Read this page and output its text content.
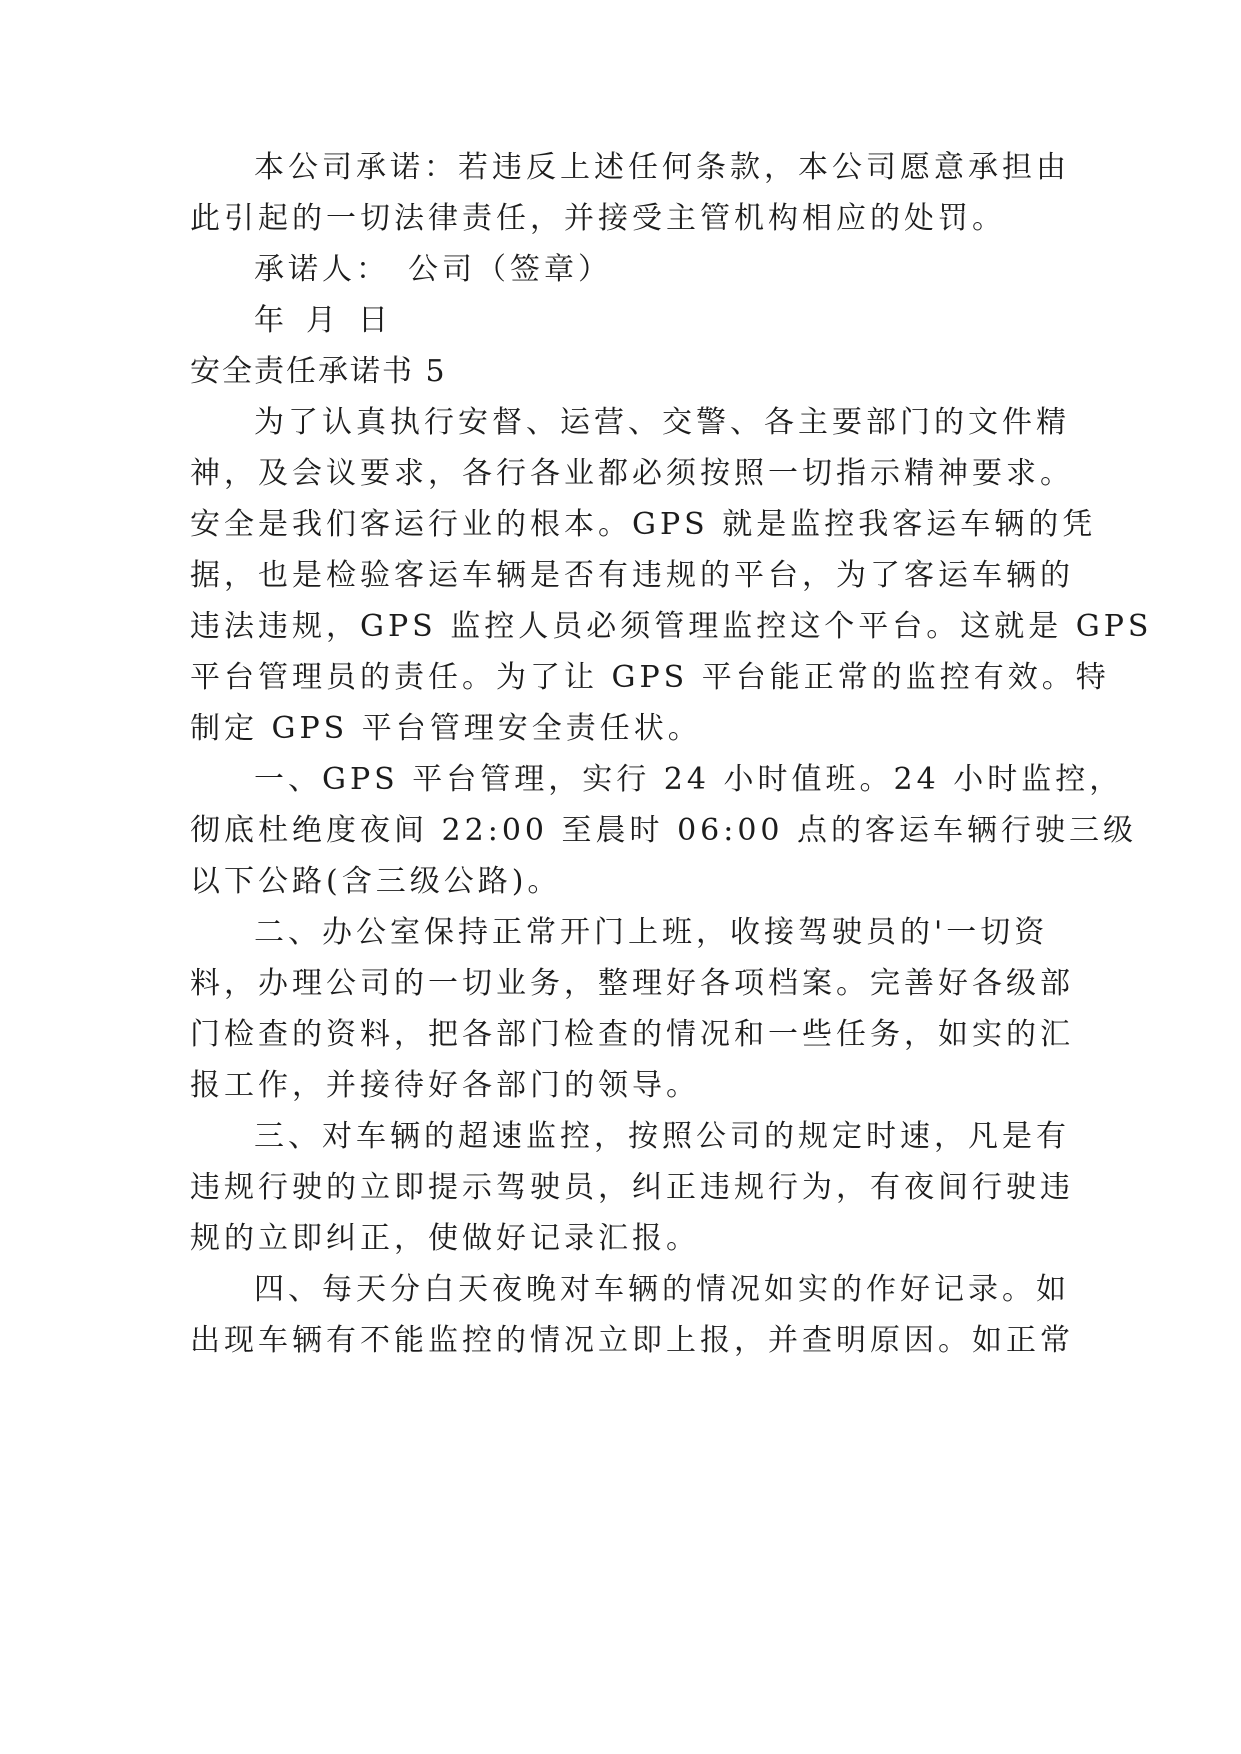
本公司承诺：若违反上述任何条款，本公司愿意承担由

此引起的一切法律责任，并接受主管机构相应的处罚。

承诺人： 公司（签章）

年 月 日

安全责任承诺书 5

为了认真执行安督、运营、交警、各主要部门的文件精

神，及会议要求，各行各业都必须按照一切指示精神要求。

安全是我们客运行业的根本。GPS 就是监控我客运车辆的凭

据，也是检验客运车辆是否有违规的平台，为了客运车辆的

违法违规，GPS 监控人员必须管理监控这个平台。这就是 GPS

平台管理员的责任。为了让 GPS 平台能正常的监控有效。特

制定 GPS 平台管理安全责任状。

一、GPS 平台管理，实行 24 小时值班。24 小时监控，

彻底杜绝度夜间 22:00 至晨时 06:00 点的客运车辆行驶三级

以下公路(含三级公路)。

二、办公室保持正常开门上班，收接驾驶员的'一切资

料，办理公司的一切业务，整理好各项档案。完善好各级部

门检查的资料，把各部门检查的情况和一些任务，如实的汇

报工作，并接待好各部门的领导。

三、对车辆的超速监控，按照公司的规定时速，凡是有

违规行驶的立即提示驾驶员，纠正违规行为，有夜间行驶违

规的立即纠正，使做好记录汇报。

四、每天分白天夜晚对车辆的情况如实的作好记录。如

出现车辆有不能监控的情况立即上报，并查明原因。如正常
